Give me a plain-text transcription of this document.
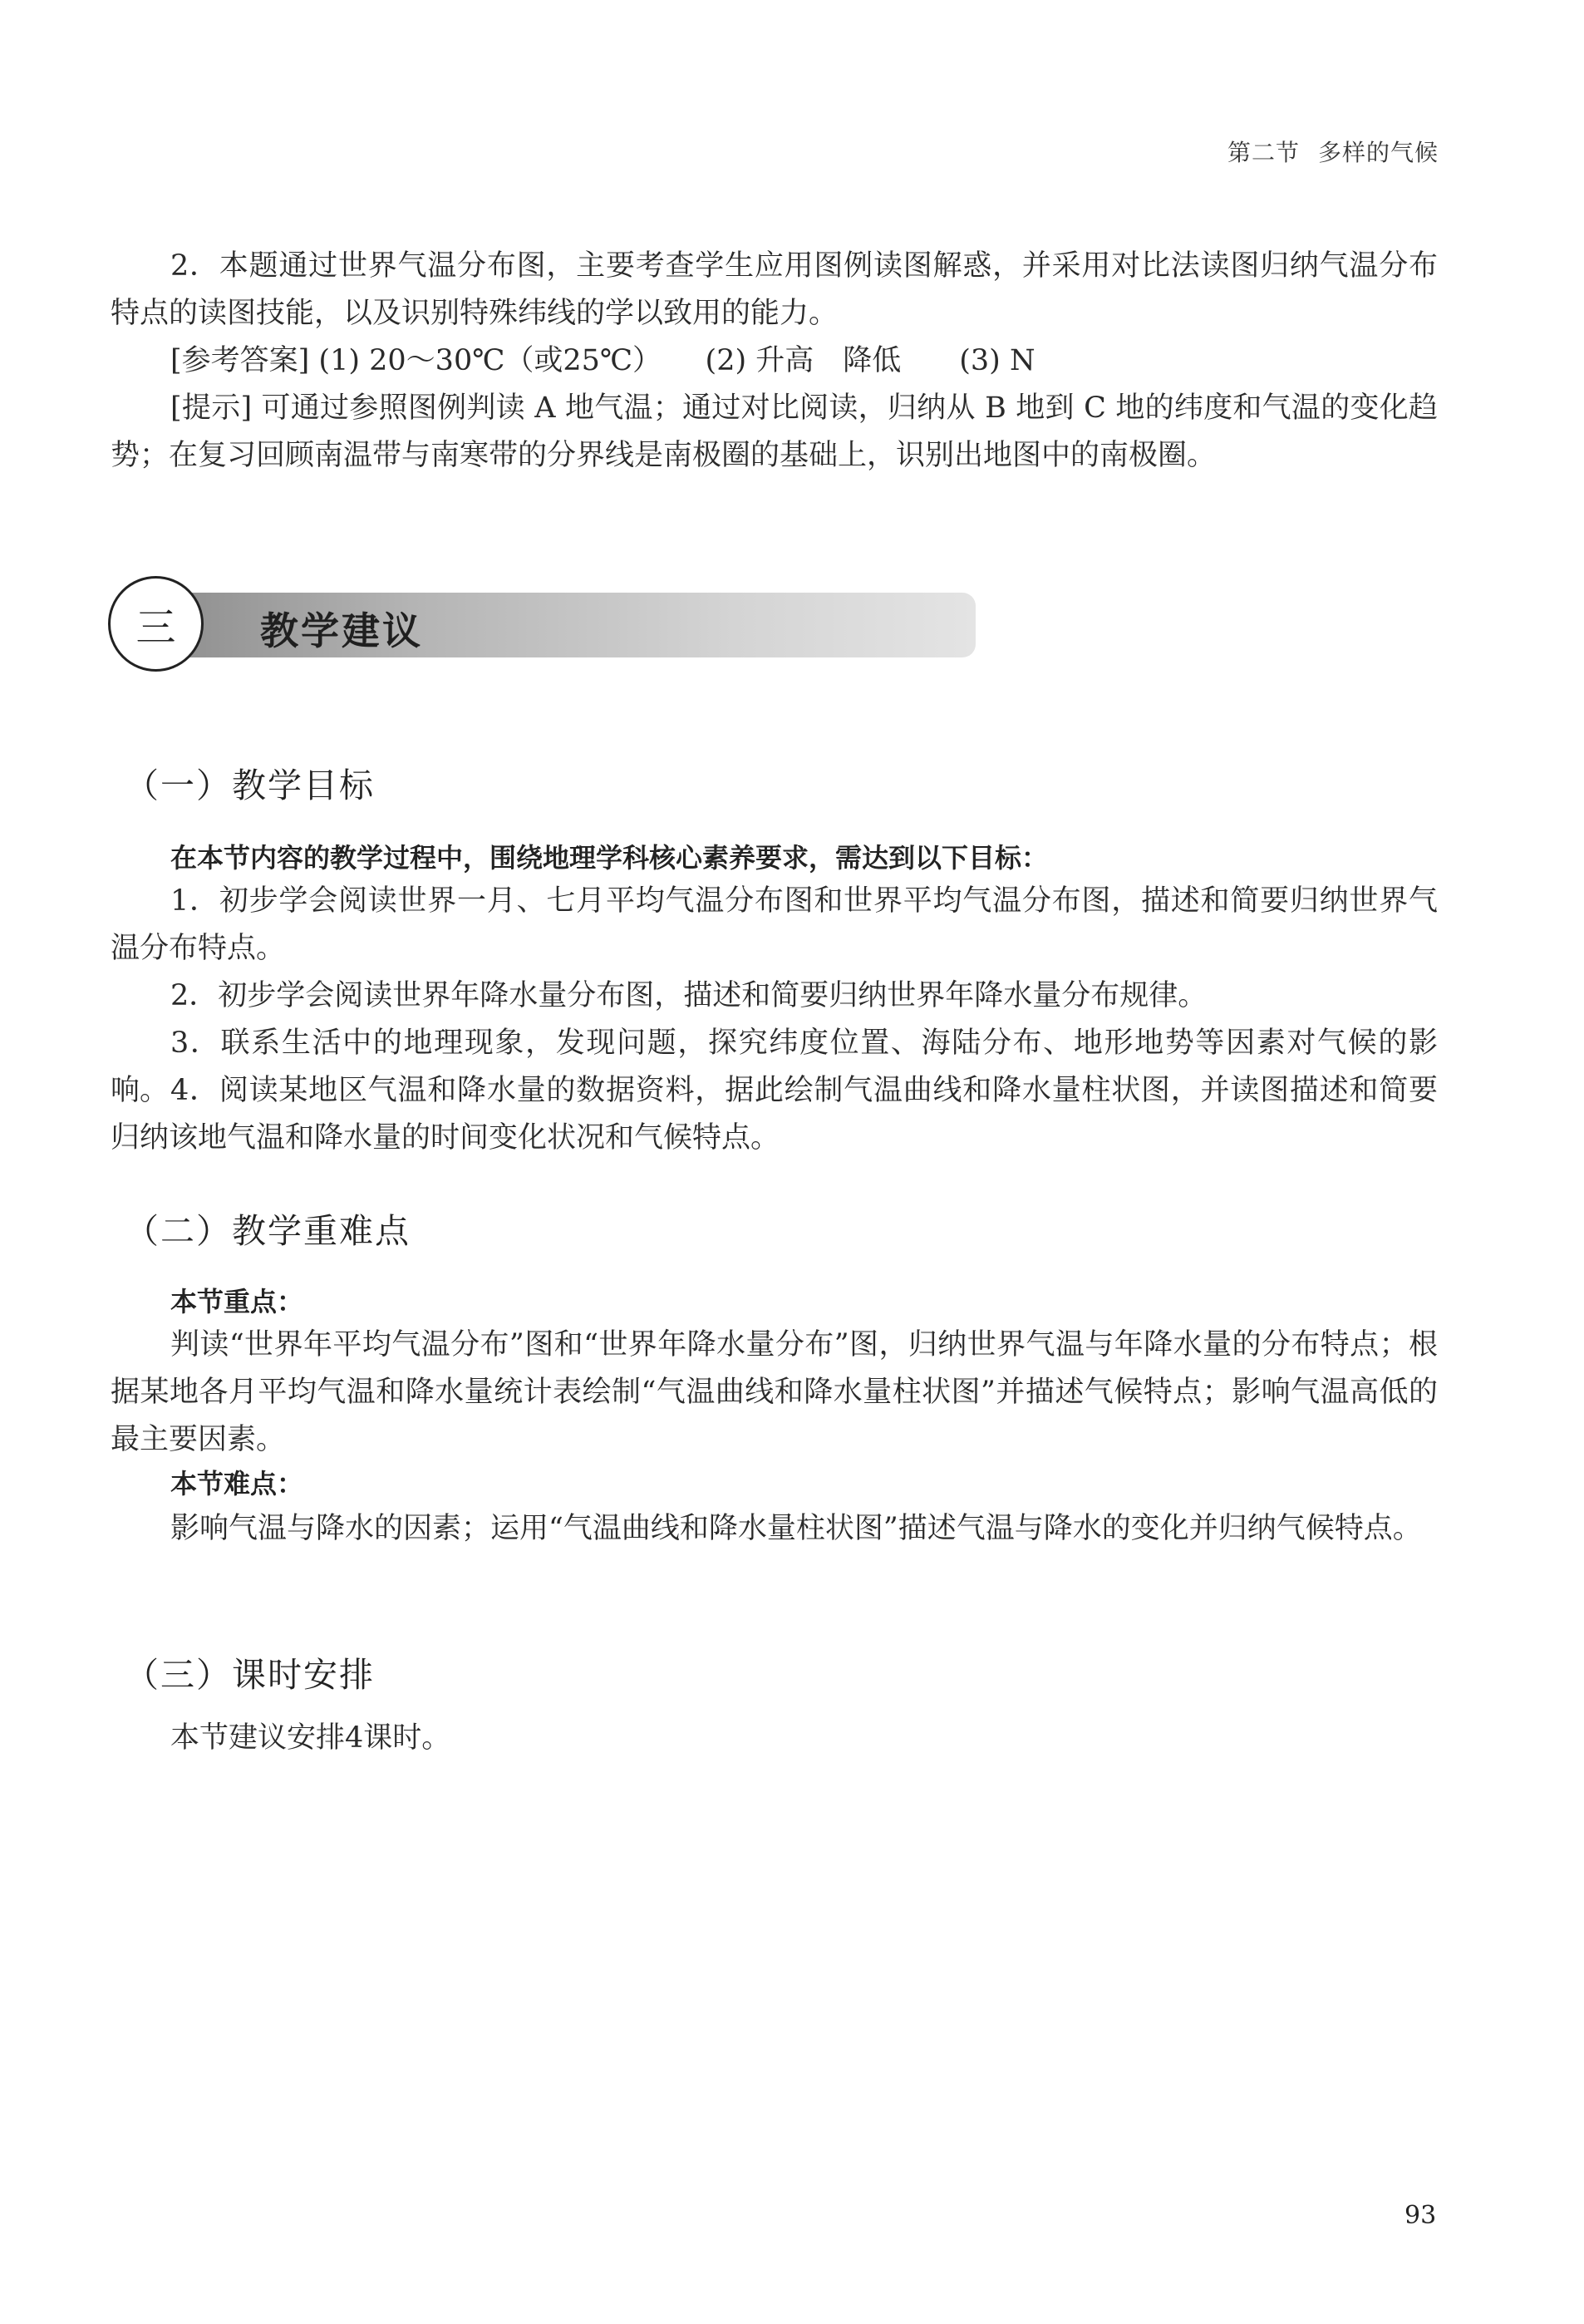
第二节 多样的气候

2．本题通过世界气温分布图，主要考查学生应用图例读图解惑，并采用对比法读图归纳气温分布特点的读图技能，以及识别特殊纬线的学以致用的能力。

[参考答案] (1) 20～30℃（或25℃）　　(2) 升高　降低　　(3) N

[提示] 可通过参照图例判读 A 地气温；通过对比阅读，归纳从 B 地到 C 地的纬度和气温的变化趋势；在复习回顾南温带与南寒带的分界线是南极圈的基础上，识别出地图中的南极圈。

三	教学建议
（一）教学目标
在本节内容的教学过程中，围绕地理学科核心素养要求，需达到以下目标：

1．初步学会阅读世界一月、七月平均气温分布图和世界平均气温分布图，描述和简要归纳世界气温分布特点。

2．初步学会阅读世界年降水量分布图，描述和简要归纳世界年降水量分布规律。

3．联系生活中的地理现象，发现问题，探究纬度位置、海陆分布、地形地势等因素对气候的影响。 4．阅读某地区气温和降水量的数据资料，据此绘制气温曲线和降水量柱状图，并读图描述和简要归纳该地气温和降水量的时间变化状况和气候特点。

（二）教学重难点
本节重点：

判读“世界年平均气温分布”图和“世界年降水量分布”图，归纳世界气温与年降水量的分布特点；根据某地各月平均气温和降水量统计表绘制“气温曲线和降水量柱状图”并描述气候特点；影响气温高低的最主要因素。

本节难点：

影响气温与降水的因素；运用“气温曲线和降水量柱状图”描述气温与降水的变化并归纳气候特点。

（三）课时安排

本节建议安排4课时。

93
